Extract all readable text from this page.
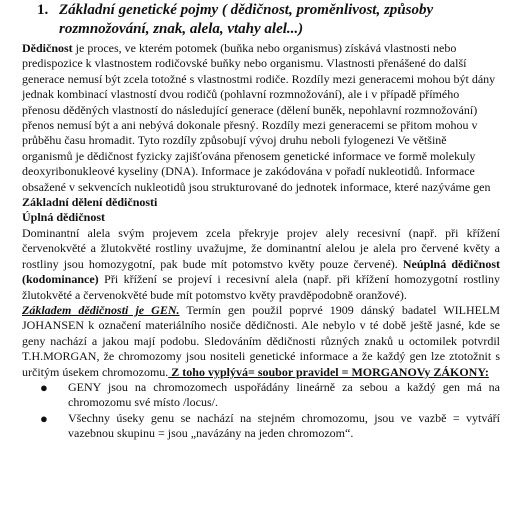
1. Základní genetické pojmy ( dědičnost, proměnlivost, způsoby
rozmnožování, znak, alela, vtahy alel...)

Dědičnost je proces, ve kterém potomek (buňka nebo organismus) získává vlastnosti nebo predispozice k vlastnostem rodičovské buňky nebo organismu. Vlastnosti přenášené do další generace nemusí být zcela totožné s vlastnostmi rodiče. Rozdíly mezi generacemi mohou být dány jednak kombinací vlastností dvou rodičů (pohlavní rozmnožování), ale i v případě přímého přenosu děděných vlastností do následující generace (dělení buněk, nepohlavní rozmnožování) přenos nemusí být a ani nebývá dokonale přesný. Rozdíly mezi generacemi se přitom mohou v průběhu času hromadit. Tyto rozdíly způsobují vývoj druhu neboli fylogenezi Ve většině organismů je dědičnost fyzicky zajišťována přenosem genetické informace ve formě molekuly deoxyribonukleové kyseliny (DNA). Informace je zakódována v pořadí nukleotidů. Informace obsažené v sekvencích nukleotidů jsou strukturované do jednotek informace, které nazýváme gen

Základní dělení dědičnosti

Úplná dědičnost

Dominantní alela svým projevem zcela překryje projev alely recesivní (např. při křížení červenokvěté a žlutokvěté rostliny uvažujme, že dominantní alelou je alela pro červené květy a rostliny jsou homozygotní, pak bude mít potomstvo květy pouze červené). Neúplná dědičnost (kodominance) Při křížení se projeví i recesivní alela (např. při křížení homozygotní rostliny žlutokvěté a červenokvěté bude mít potomstvo květy pravděpodobně oranžové).

Základem dědičnosti je GEN. Termín gen použil poprvé 1909 dánský badatel WILHELM JOHANSEN k označení materiálního nosiče dědičnosti. Ale nebylo v té době ještě jasné, kde se geny nachází a jakou mají podobu. Sledováním dědičnosti různých znaků u octomilek potvrdil T.H.MORGAN, že chromozomy jsou nositeli genetické informace a že každý gen lze ztotožnit s určitým úsekem chromozomu. Z toho vyplývá= soubor pravidel = MORGANOVy ZÁKONY:

● GENY jsou na chromozomech uspořádány lineárně za sebou a každý gen má na chromozomu své místo /locus/.
● Všechny úseky genu se nachází na stejném chromozomu, jsou ve vazbě = vytváří vazebnou skupinu = jsou „navázány na jeden chromozom“.
